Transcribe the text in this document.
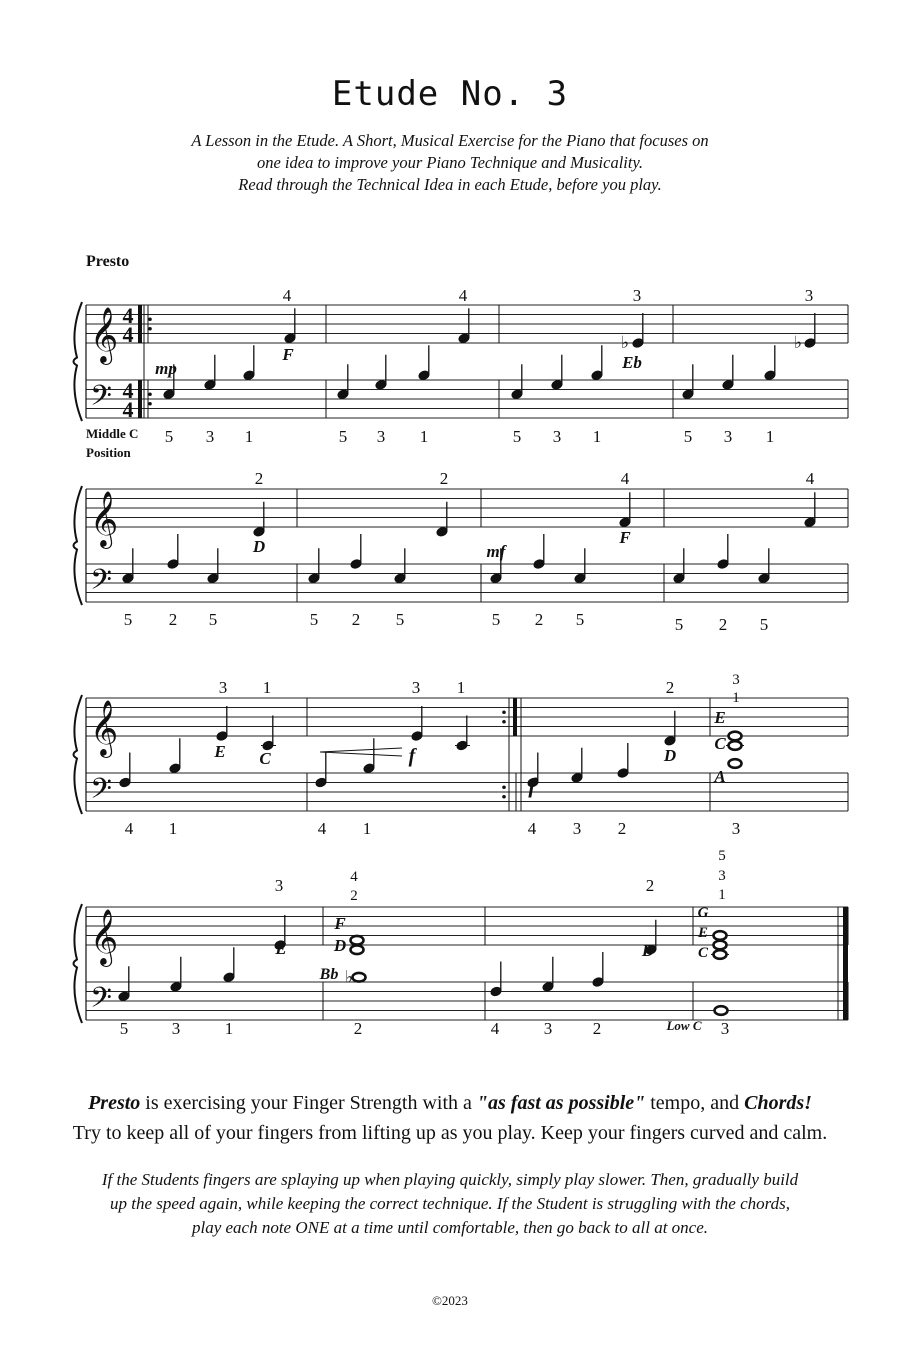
Etude No. 3
A Lesson in the Etude. A Short, Musical Exercise for the Piano that focuses on
one idea to improve your Piano Technique and Musicality.
Read through the Technical Idea in each Etude, before you play.
𝄞
𝄢
𝄞
𝄢
𝄞
𝄢
𝄞
𝄢
Presto
4
4
4
4
Middle C
Position
mp
5 3 1	5 3 1	5 3 1	5 3 1
4
F
4
Eb
3
♭
3
♭
5 2 5	5 2 5	5 2 5	5 2 5
2
D
2	4
F
4
mf
4 1	4 1
3
E
1
C
3 1
f
4 3 2
2
D
E
C
3
1
A
3
5	3	1
3
E
F
D
4
2
♭
Bb
2	4	3 2
2
D
G
E
C
5
3
1
Low C 3
Presto is exercising your Finger Strength with a "as fast as possible" tempo, and Chords!
Try to keep all of your fingers from lifting up as you play. Keep your fingers curved and calm.
If the Students fingers are splaying up when playing quickly, simply play slower. Then, gradually build
up the speed again, while keeping the correct technique. If the Student is struggling with the chords,
play each note ONE at a time until comfortable, then go back to all at once.
©2023
